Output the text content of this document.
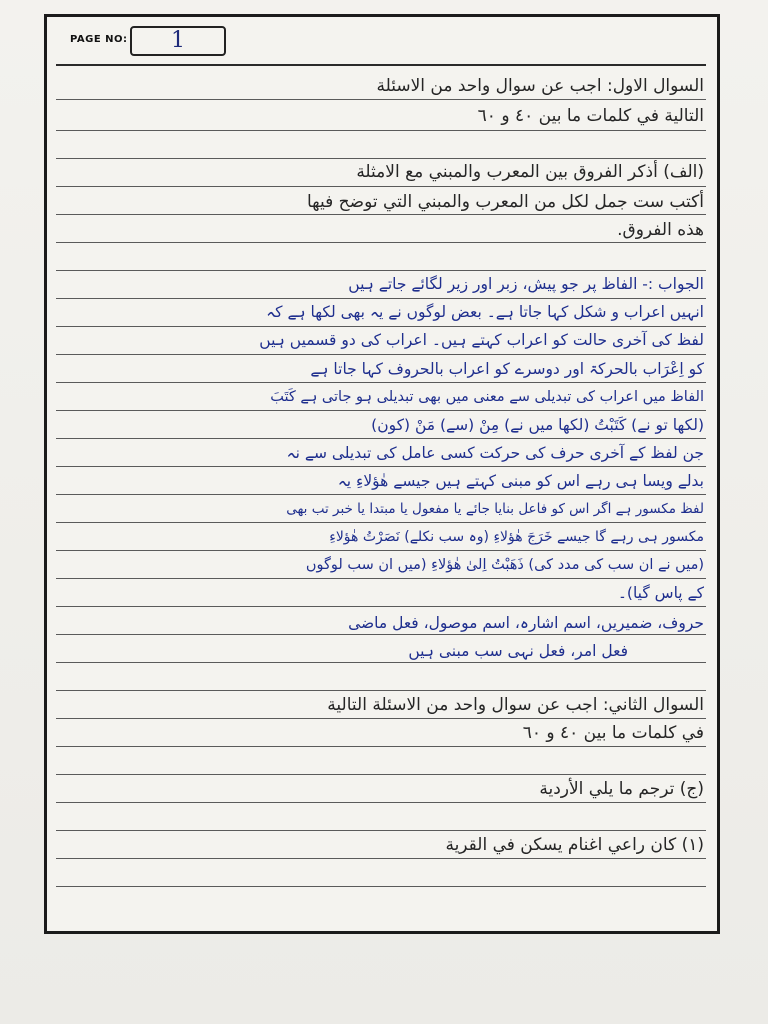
PAGE NO:	1
السوال الاول: اجب عن سوال واحد من الاسئلة
التالية في كلمات ما بين ٤٠ و ٦٠
(الف) أذكر الفروق بين المعرب والمبني مع الامثلة
أكتب ست جمل لكل من المعرب والمبني التي توضح فيها
هذه الفروق.
الجواب :- الفاظ پر جو پیش، زبر اور زیر لگائے جاتے ہیں
انہیں اعراب و شکل کہا جاتا ہے۔ بعض لوگوں نے یہ بھی لکھا ہے کہ
لفظ کی آخری حالت کو اعراب کہتے ہیں۔ اعراب کی دو قسمیں ہیں
کو اِعْرَاب بالحرکۃ اور دوسرے کو اعراب بالحروف کہا جاتا ہے
الفاظ میں اعراب کی تبدیلی سے معنی میں بھی تبدیلی ہو جاتی ہے کَتَبَ
(لکھا تو نے) کَتَبْتُ (لکھا میں نے) مِنْ (سے) مَنْ (کون)
جن لفظ کے آخری حرف کی حرکت کسی عامل کی تبدیلی سے نہ
بدلے ویسا ہی رہے اس کو مبنی کہتے ہیں جیسے ھٰؤلاءِ یہ
لفظ مکسور ہے اگر اس کو فاعل بنایا جائے یا مفعول یا مبتدا یا خبر تب بھی
مکسور ہی رہے گا جیسے خَرَجَ ھٰؤلاءِ (وہ سب نکلے) نَصَرْتُ ھٰؤلاءِ
(میں نے ان سب کی مدد کی) ذَھَبْتُ اِلیٰ ھٰؤلاءِ (میں ان سب لوگوں
کے پاس گیا)۔
حروف، ضمیریں، اسم اشارہ، اسم موصول، فعل ماضی
فعل امر، فعل نہی سب مبنی ہیں
السوال الثاني: اجب عن سوال واحد من الاسئلة التالية
في كلمات ما بين ٤٠ و ٦٠
(ج) ترجم ما يلي الأردية
(١) كان راعي اغنام يسكن في القرية
